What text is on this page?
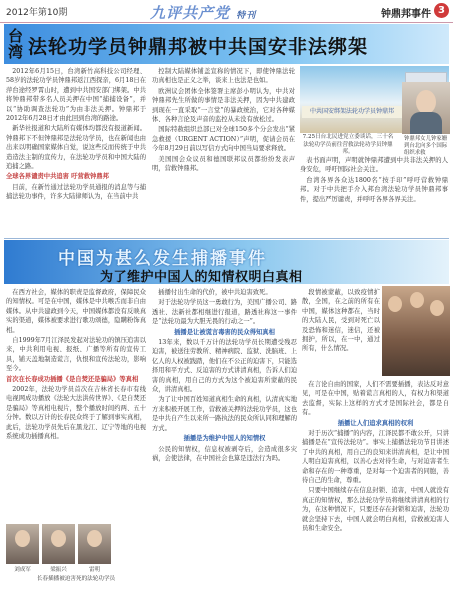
2012年第10期	九评共产党 特刊	钟鼎邦事件 3
台湾 法轮功学员钟鼎邦被中共国安非法绑架

2012年6月15日，台湾新竹高科技公司经理、58岁的法轮功学员钟鼎邦返江西探亲，6月18日在萍台途经罗霄山时，遭到中共国安部门绑架。中共将钟鼎邦带多名人员关押在中国“捕捕设备”，并以“协助调查法轮功”为由非法关押。钟鼎邦于2012年6月28日才由此回到台湾的路途。

新华社报道和大陆所有媒体均都没有报道新闻。钟鼎邦下不但钟鼎邦是法轮功学员，也在新闻也由出来以明确国家媒体自觉，说这些反而传统于中共造造法主制的宣传力，在法轮功学员和中国大陆的追捕之路。

全球各界谴责中共追害 吁营救钟鼎邦

目前，在新竹通过法轮功学员通报的消息等与捕捕法轮功事件，许多大陆律师认为，在当前中共

控制大陆媒体铺盖宣称的情况下，即使钟鼎法轮功真相也是正义之举，谈来上也法是也如。

欧洲议会团体全体签署主席彭小明认为，中共对钟鼎邦先生所做的事情是非法关押，因为中共建政到现在一直采取“一言堂”的暴政统治，它对各种媒体、各种言论及声音的监控从未没有放松过。

国际特赦组织总部已对全球150多个分会发出“紧急救援（URGENT ACTION）”声明，促请会员在今年8月29日前以写信方式向中国当局要求释放。

美国国会众议员和德国联邦议员都纷纷发表声明，营救钟鼎邦。

中共国安绑架法轮功学员钟鼎邦
7.25日台北民进党立委谈话，三十名法轮功学员前往营救法轮功学员钟鼎邦。
钟鼎邦女儿钟家姗到台北向多个国际组织求救

表书面声明，声明就钟鼎邦遭到中共非法关押的人身安危，呼吁国际社会关注。

台湾各界各众达1800名“按手印”呼吁营救钟鼎邦。对于中共把手介入邦台湾法轮功学员钟鼎邦事件，提出严厉谴责，并呼吁各界各界关注。

中国为甚么发生捕播事件
为了维护中国人的知情权明白真相

在西方社会，媒体的职责是监督政府，保障民众的知情权。可是在中国，媒体是中共喉舌而非自由媒体。从中共建政到今天，中国媒体都没有反映真实的渠道，媒体被要求进行歌功颂德，隐瞒粉饰真相。

自1999年7月江泽民发起对法轮功的镇压追害以来，中共利用电视、报纸、广播等所有的宣传工具，铺天盖地制造谎言，仇恨和宣传法轮功，影响至今。

首次在长春成功插播《是自焚还是骗局》等真相

2002年，法轮功学员首次在吉林省长春市有线电视网成功播放《法轮大法洪传世界》、《是自焚还是骗局》等真相电视片，整个播放时间约两、五十分钟。数以万计的长春民众终于了解到事实真相，此后，法轮功学员先后在黑龙江、辽宁等地的电视系统成功插播真相。

刘成军	梁振兴	雷明
长春插播被迫害死的法轮功学员

插播付出生命的代价，被中共迫害致死。

对于法轮功学员这一勇敢行为，美国广播公司、路透社、法新社都相继进行报道，路透社称这一事件是“法轮功最为大胆无畏的行动之一”。

插播是让被谎言毒害的民众得知真相

13年来，数以千万计的法轮功学员长期遭受残忍迫害，被送往劳教所、精神病院、监狱、洗脑班、上亿人的人权被践踏，他们在不公正的迫害下，只能选择用和平方式、反迫害的方式讲清真相，告诉人们迫害的真相，用自己的方式为这个被迫害所蒙蔽的民众，讲清真相。

为了让中国百姓知道真相生命的真相，认清真实地方来积极开展工作，营救被关押的法轮功学员，这也是中共自产生以来所一路执法的民众所认同和理解的方式。

插播是为维护中国人的知情权

公民的知情权，信息权被剥夺后，会造成很多灾祸，会使法律，在中国社会也算是违法行为吗。

段情被蒙蔽，以致疫情扩散，全国，在之前的所有在中国，媒体这种都在，当时的大陆人民，受到对死亡以及恐怖和迷信，迷信，还被拥护，所以，在一中，通过所有，什么情况。

在言论自由的国家，人们不需要插播，表达反对意见，可是在中国，贴着谎言真相的人，有权力和渠道去监督，实际上这样的方式才是国际社会，都是自有。

插播让人们追求真相的权利

对于历次“捕播”的内容，江泽民都不敢公开，只讲捕播是在“宣传法轮功”。事实上捕播法轮功节目讲述了中共的真相，用自己的良知来讲清真相，是让中国人明白迫害真相，以善心去对待生命，与对迫害者生命和存在的一种尊重，是对每一个迫害者的同胞，善待自己的生命，尊重。

只要中国继续存在信息封锁、追害，中国人就没有真正的知情权，那么法轮功学员将继续讲清真相的行为，在这种情况下，只要还存在封锁和迫害，法轮功就会坚持下去，中国人就会明白真相，营救被迫害人员和生命安全。
